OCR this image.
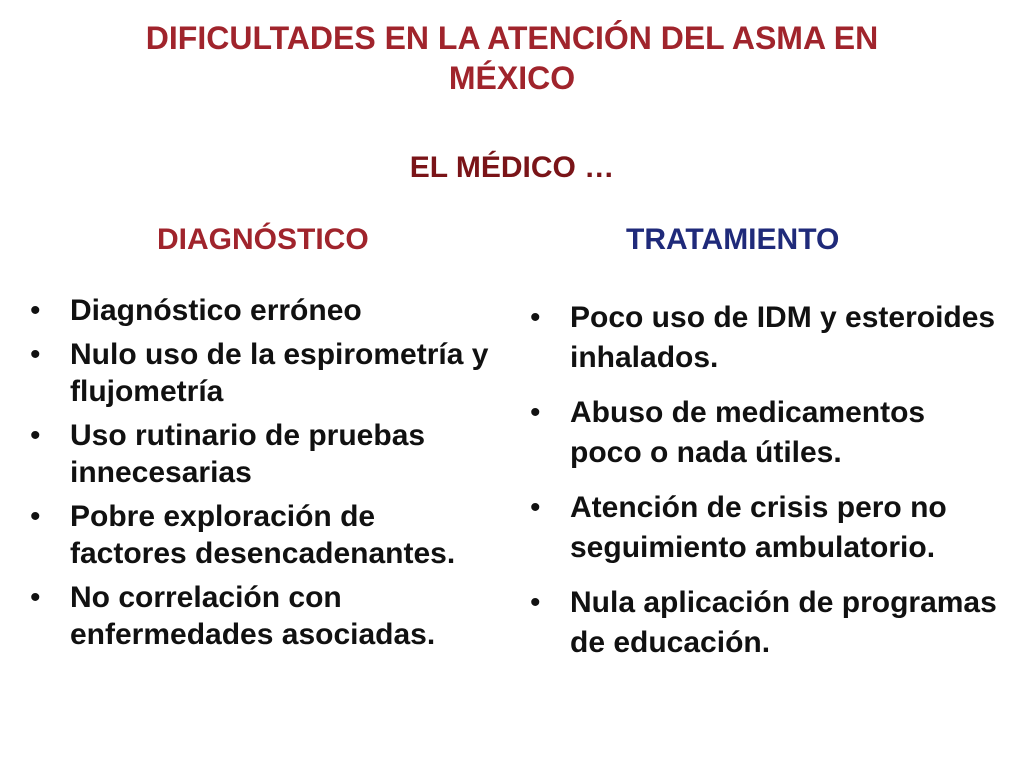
DIFICULTADES EN LA ATENCIÓN DEL ASMA EN MÉXICO
EL MÉDICO …
DIAGNÓSTICO	TRATAMIENTO
• Diagnóstico erróneo
• Nulo uso de la espirometría y flujometría
• Uso rutinario de pruebas innecesarias
• Pobre exploración de factores desencadenantes.
• No correlación con enfermedades asociadas.
• Poco uso de IDM y esteroides inhalados.
• Abuso de medicamentos poco o nada útiles.
• Atención de crisis pero no seguimiento ambulatorio.
• Nula aplicación de programas de educación.
